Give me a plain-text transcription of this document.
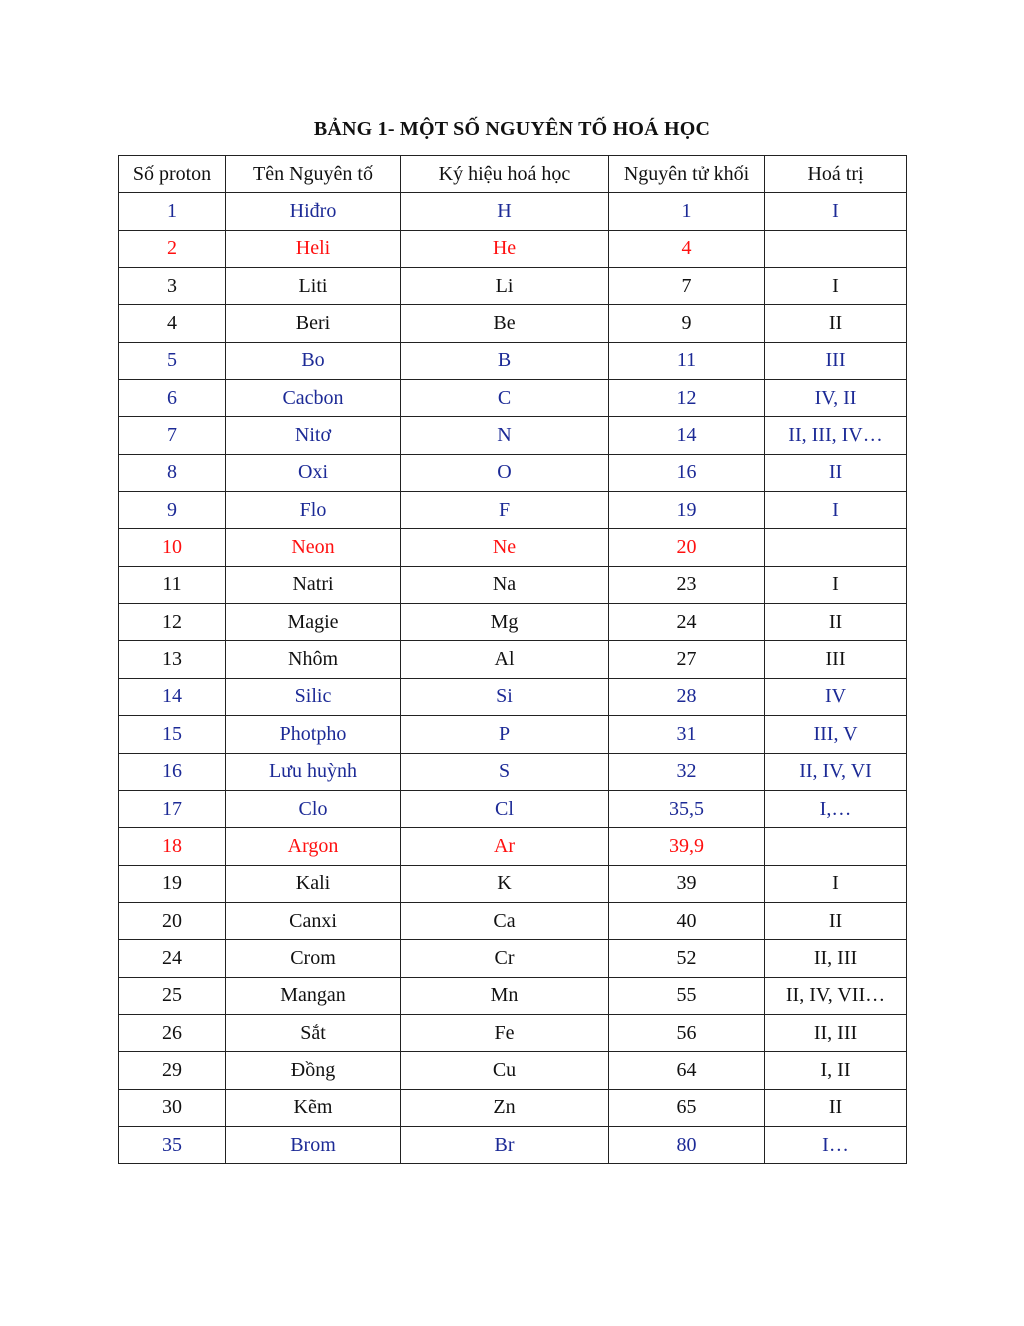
BẢNG 1- MỘT SỐ NGUYÊN TỐ HOÁ HỌC
Số proton	Tên Nguyên tố	Ký hiệu hoá học	Nguyên tử khối	Hoá trị
1	Hiđro	H	1	I
2	Heli	He	4	
3	Liti	Li	7	I
4	Beri	Be	9	II
5	Bo	B	11	III
6	Cacbon	C	12	IV, II
7	Nitơ	N	14	II, III, IV…
8	Oxi	O	16	II
9	Flo	F	19	I
10	Neon	Ne	20	
11	Natri	Na	23	I
12	Magie	Mg	24	II
13	Nhôm	Al	27	III
14	Silic	Si	28	IV
15	Photpho	P	31	III, V
16	Lưu huỳnh	S	32	II, IV, VI
17	Clo	Cl	35,5	I,…
18	Argon	Ar	39,9	
19	Kali	K	39	I
20	Canxi	Ca	40	II
24	Crom	Cr	52	II, III
25	Mangan	Mn	55	II, IV, VII…
26	Sắt	Fe	56	II, III
29	Đồng	Cu	64	I, II
30	Kẽm	Zn	65	II
35	Brom	Br	80	I…
